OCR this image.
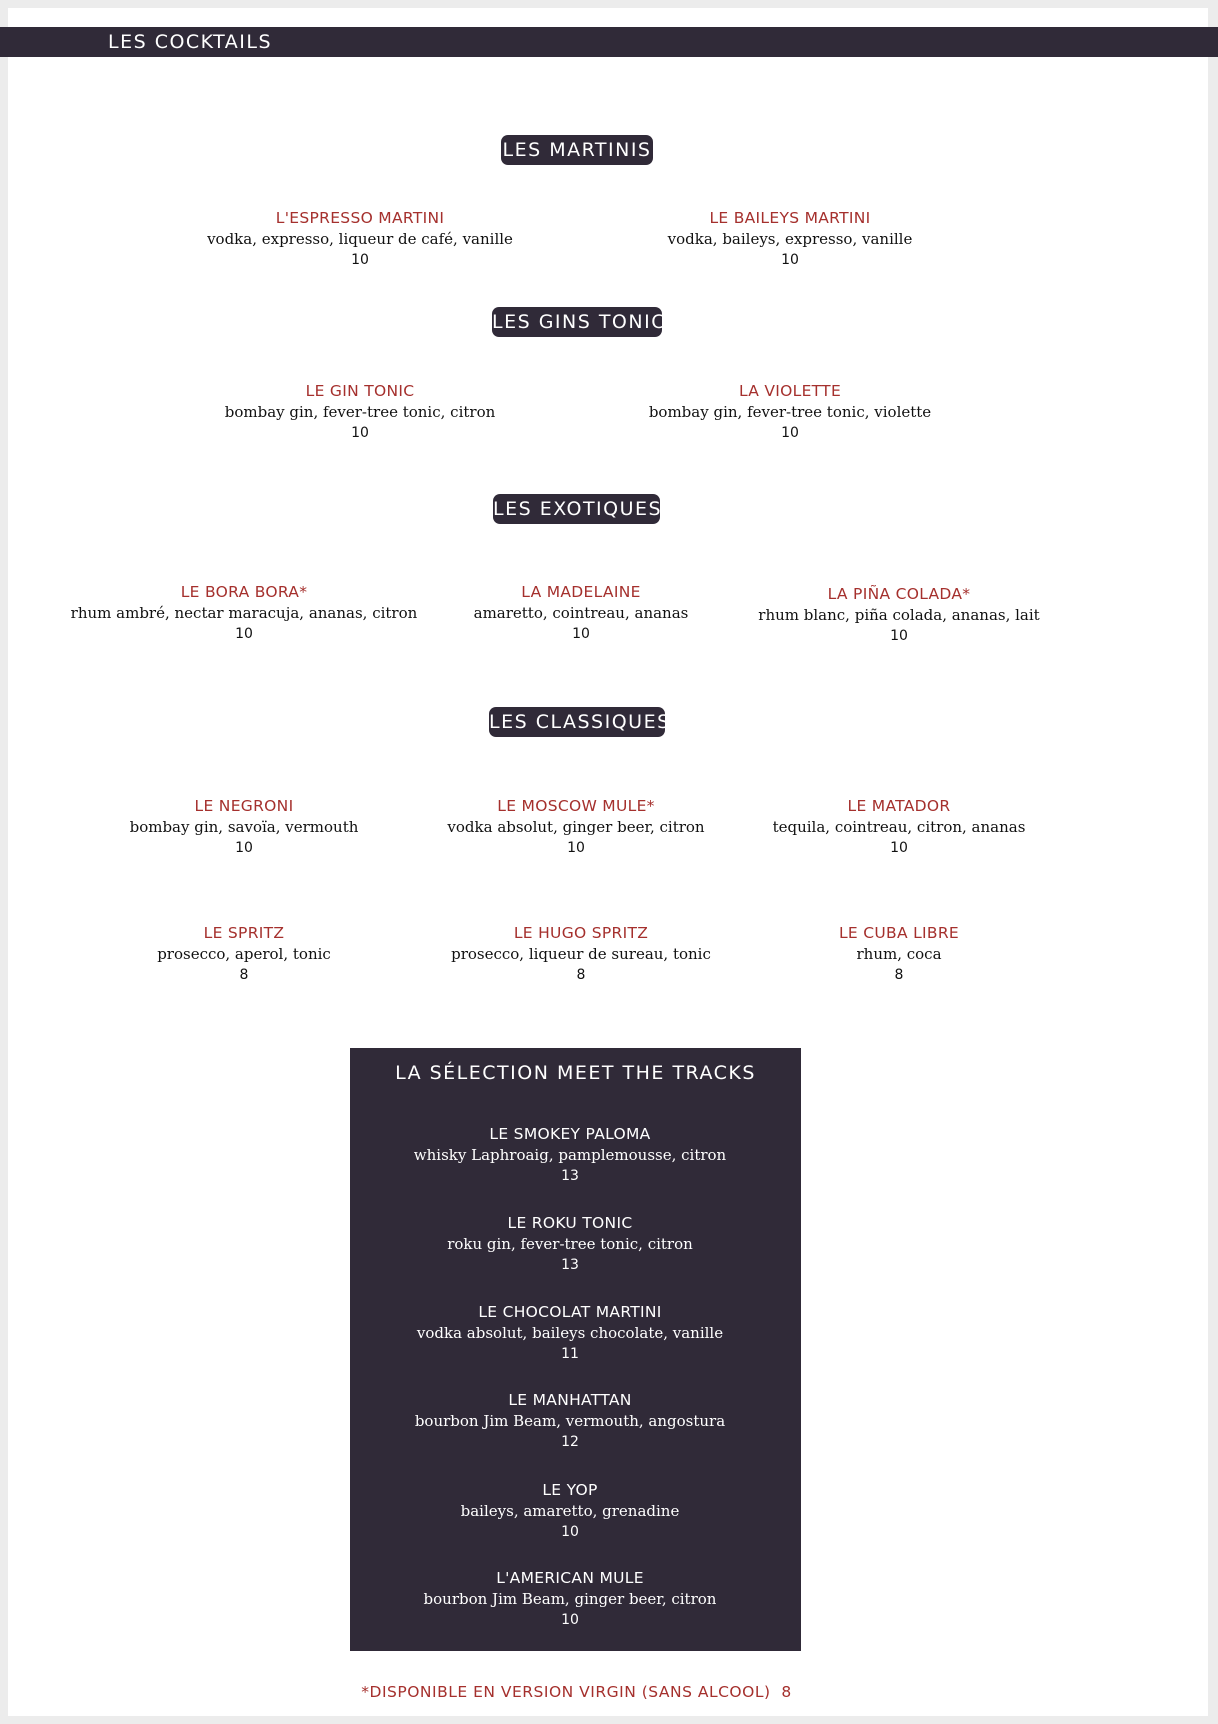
LES COCKTAILS
LES MARTINIS
L'ESPRESSO MARTINI
vodka, expresso, liqueur de café, vanille
10
LE BAILEYS MARTINI
vodka, baileys, expresso, vanille
10
LES GINS TONIC
LE GIN TONIC
bombay gin, fever-tree tonic, citron
10
LA VIOLETTE
bombay gin, fever-tree tonic, violette
10
LES EXOTIQUES
LE BORA BORA*
rhum ambré, nectar maracuja, ananas, citron
10
LA MADELAINE
amaretto, cointreau, ananas
10
LA PIÑA COLADA*
rhum blanc, piña colada, ananas, lait
10
LES CLASSIQUES
LE NEGRONI
bombay gin, savoïa, vermouth
10
LE MOSCOW MULE*
vodka absolut, ginger beer, citron
10
LE MATADOR
tequila, cointreau, citron, ananas
10
LE SPRITZ
prosecco, aperol, tonic
8
LE HUGO SPRITZ
prosecco, liqueur de sureau, tonic
8
LE CUBA LIBRE
rhum, coca
8
LA SÉLECTION MEET THE TRACKS
LE SMOKEY PALOMA
whisky Laphroaig, pamplemousse, citron
13
LE ROKU TONIC
roku gin, fever-tree tonic, citron
13
LE CHOCOLAT MARTINI
vodka absolut, baileys chocolate, vanille
11
LE MANHATTAN
bourbon Jim Beam, vermouth, angostura
12
LE YOP
baileys, amaretto, grenadine
10
L'AMERICAN MULE
bourbon Jim Beam, ginger beer, citron
10
*DISPONIBLE EN VERSION VIRGIN (SANS ALCOOL)  8
